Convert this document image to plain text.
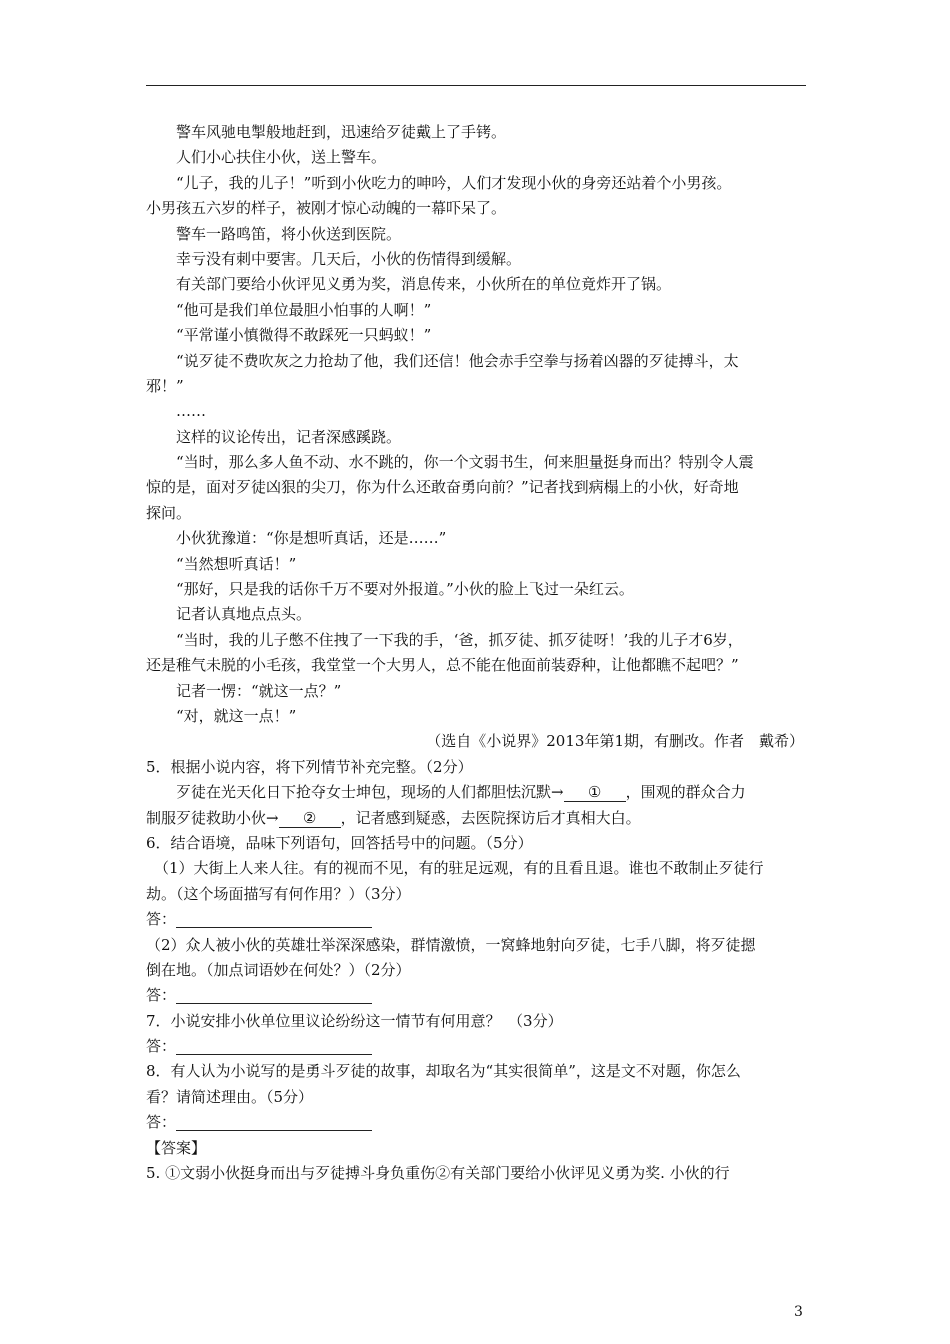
警车风驰电掣般地赶到，迅速给歹徒戴上了手铐。
人们小心扶住小伙，送上警车。
“儿子，我的儿子！”听到小伙吃力的呻吟，人们才发现小伙的身旁还站着个小男孩。
小男孩五六岁的样子，被刚才惊心动魄的一幕吓呆了。
警车一路鸣笛，将小伙送到医院。
幸亏没有刺中要害。几天后，小伙的伤情得到缓解。
有关部门要给小伙评见义勇为奖，消息传来，小伙所在的单位竟炸开了锅。
“他可是我们单位最胆小怕事的人啊！”
“平常谨小慎微得不敢踩死一只蚂蚁！”
“说歹徒不费吹灰之力抢劫了他，我们还信！他会赤手空拳与扬着凶器的歹徒搏斗，太
邪！”
……
这样的议论传出，记者深感蹊跷。
“当时，那么多人鱼不动、水不跳的，你一个文弱书生，何来胆量挺身而出？特别令人震
惊的是，面对歹徒凶狠的尖刀，你为什么还敢奋勇向前？”记者找到病榻上的小伙，好奇地
探问。
小伙犹豫道：“你是想听真话，还是……”
“当然想听真话！”
“那好，只是我的话你千万不要对外报道。”小伙的脸上飞过一朵红云。
记者认真地点点头。
“当时，我的儿子憋不住拽了一下我的手，‘爸，抓歹徒、抓歹徒呀！’我的儿子才6岁，
还是稚气未脱的小毛孩，我堂堂一个大男人，总不能在他面前装孬种，让他都瞧不起吧？”
记者一愣：“就这一点？”
“对，就这一点！”
（选自《小说界》2013年第1期，有删改。作者　戴希）
5．根据小说内容，将下列情节补充完整。（2分）
歹徒在光天化日下抢夺女士坤包，现场的人们都胆怯沉默→ ① ，围观的群众合力
制服歹徒救助小伙→ ② ，记者感到疑惑，去医院探访后才真相大白。
6．结合语境，品味下列语句，回答括号中的问题。（5分）
（1）大街上人来人往。有的视而不见，有的驻足远观，有的且看且退。谁也不敢制止歹徒行
劫。（这个场面描写有何作用？）（3分）
答：
（2）众人被小伙的英雄壮举深深感染，群情激愤，一窝蜂地射向歹徒，七手八脚，将歹徒摁
倒在地。（加点词语妙在何处？）（2分）
答：
7．小说安排小伙单位里议论纷纷这一情节有何用意？　（3分）
答：
8．有人认为小说写的是勇斗歹徒的故事，却取名为“其实很简单”，这是文不对题，你怎么
看？请简述理由。（5分）
答：
【答案】
5. ①文弱小伙挺身而出与歹徒搏斗身负重伤②有关部门要给小伙评见义勇为奖. 小伙的行
3
